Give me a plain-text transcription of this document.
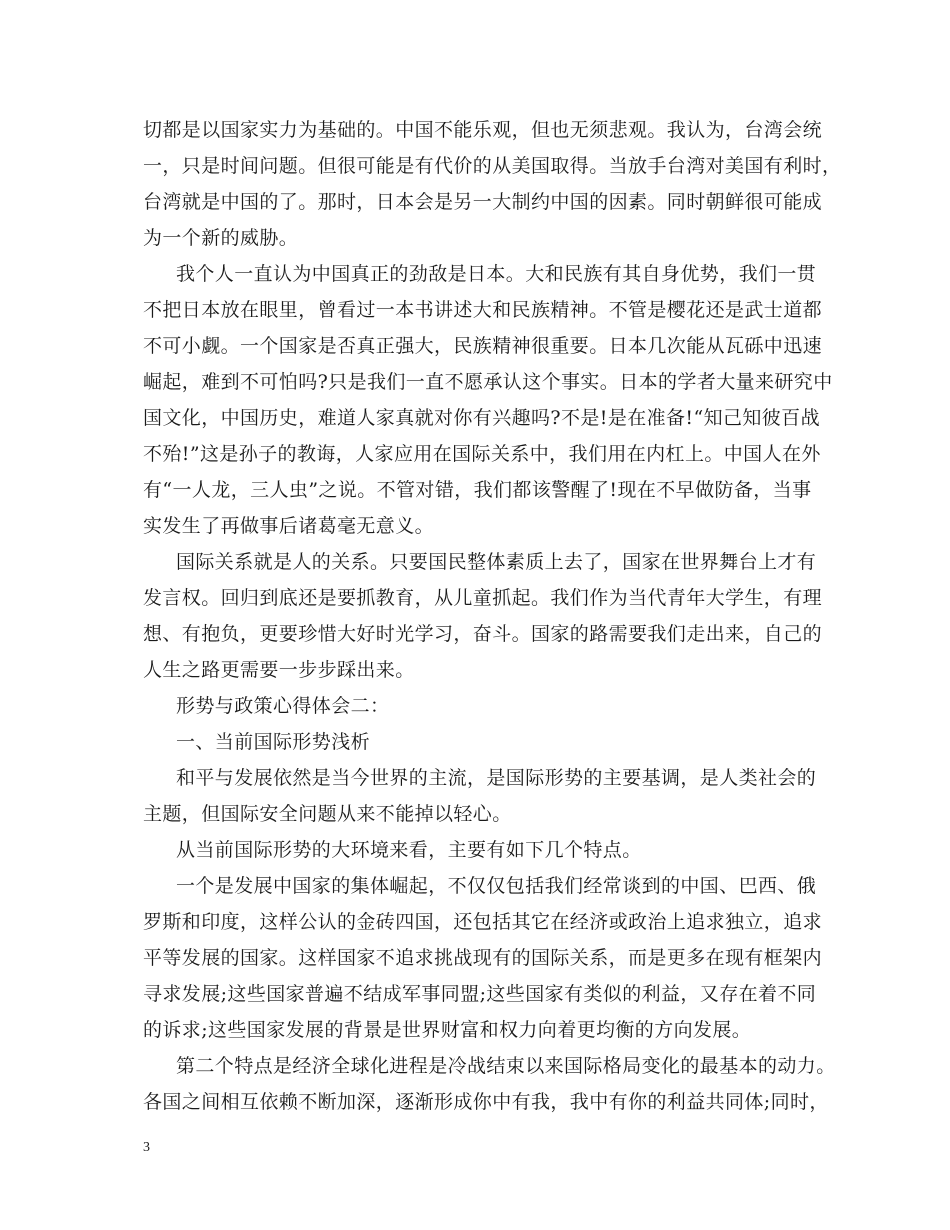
切都是以国家实力为基础的。中国不能乐观，但也无须悲观。我认为，台湾会统
一，只是时间问题。但很可能是有代价的从美国取得。当放手台湾对美国有利时，
台湾就是中国的了。那时，日本会是另一大制约中国的因素。同时朝鲜很可能成
为一个新的威胁。
我个人一直认为中国真正的劲敌是日本。大和民族有其自身优势，我们一贯
不把日本放在眼里，曾看过一本书讲述大和民族精神。不管是樱花还是武士道都
不可小觑。一个国家是否真正强大，民族精神很重要。日本几次能从瓦砾中迅速
崛起，难到不可怕吗?只是我们一直不愿承认这个事实。日本的学者大量来研究中
国文化，中国历史，难道人家真就对你有兴趣吗?不是!是在准备!“知己知彼百战
不殆!”这是孙子的教诲，人家应用在国际关系中，我们用在内杠上。中国人在外
有“一人龙，三人虫”之说。不管对错，我们都该警醒了!现在不早做防备，当事
实发生了再做事后诸葛毫无意义。
国际关系就是人的关系。只要国民整体素质上去了，国家在世界舞台上才有
发言权。回归到底还是要抓教育，从儿童抓起。我们作为当代青年大学生，有理
想、有抱负，更要珍惜大好时光学习，奋斗。国家的路需要我们走出来，自己的
人生之路更需要一步步踩出来。
形势与政策心得体会二：
一、当前国际形势浅析
和平与发展依然是当今世界的主流，是国际形势的主要基调，是人类社会的
主题，但国际安全问题从来不能掉以轻心。
从当前国际形势的大环境来看，主要有如下几个特点。
一个是发展中国家的集体崛起，不仅仅包括我们经常谈到的中国、巴西、俄
罗斯和印度，这样公认的金砖四国，还包括其它在经济或政治上追求独立，追求
平等发展的国家。这样国家不追求挑战现有的国际关系，而是更多在现有框架内
寻求发展;这些国家普遍不结成军事同盟;这些国家有类似的利益，又存在着不同
的诉求;这些国家发展的背景是世界财富和权力向着更均衡的方向发展。
第二个特点是经济全球化进程是冷战结束以来国际格局变化的最基本的动力。
各国之间相互依赖不断加深，逐渐形成你中有我，我中有你的利益共同体;同时，
3
